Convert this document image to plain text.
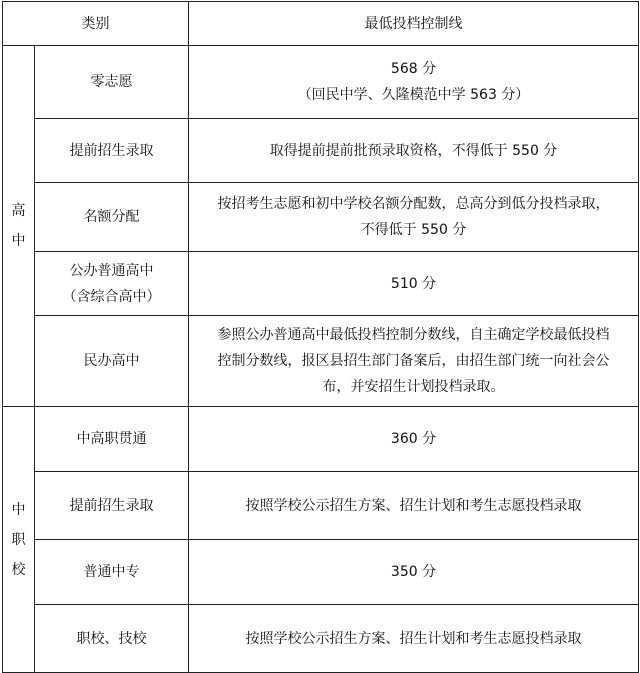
类别		最低投档控制线

高
中	零志愿	568 分
（回民中学、久隆模范中学 563 分）

	提前招生录取	取得提前提前批预录取资格，不得低于 550 分

	名额分配	按招考生志愿和初中学校名额分配数，总高分到低分投档录取，
不得低于 550 分

	公办普通高中
（含综合高中）	510 分

	民办高中	参照公办普通高中最低投档控制分数线，自主确定学校最低投档
控制分数线，报区县招生部门备案后，由招生部门统一向社会公
布，并安招生计划投档录取。

中
职
校	中高职贯通	360 分

	提前招生录取	按照学校公示招生方案、招生计划和考生志愿投档录取

	普通中专	350 分

	职校、技校	按照学校公示招生方案、招生计划和考生志愿投档录取
